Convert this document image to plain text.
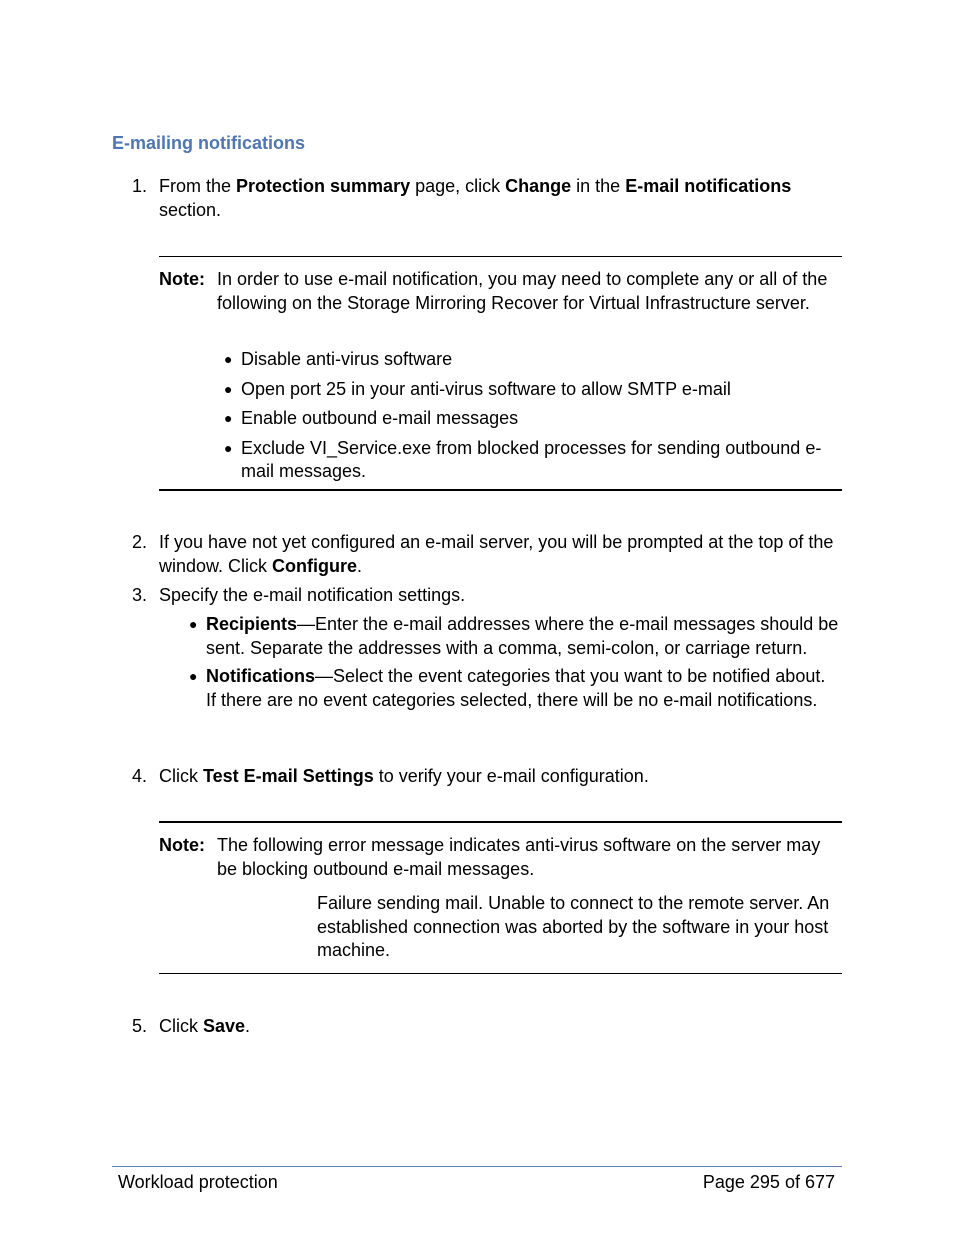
E-mailing notifications
1. From the Protection summary page, click Change in the E-mail notifications section.
Note: In order to use e-mail notification, you may need to complete any or all of the following on the Storage Mirroring Recover for Virtual Infrastructure server.
● Disable anti-virus software
● Open port 25 in your anti-virus software to allow SMTP e-mail
● Enable outbound e-mail messages
● Exclude VI_Service.exe from blocked processes for sending outbound e-mail messages.
2. If you have not yet configured an e-mail server, you will be prompted at the top of the window. Click Configure.
3. Specify the e-mail notification settings.
● Recipients—Enter the e-mail addresses where the e-mail messages should be sent. Separate the addresses with a comma, semi-colon, or carriage return.
● Notifications—Select the event categories that you want to be notified about. If there are no event categories selected, there will be no e-mail notifications.
4. Click Test E-mail Settings to verify your e-mail configuration.
Note: The following error message indicates anti-virus software on the server may be blocking outbound e-mail messages.
Failure sending mail. Unable to connect to the remote server. An established connection was aborted by the software in your host machine.
5. Click Save.
Workload protection	Page 295 of 677
